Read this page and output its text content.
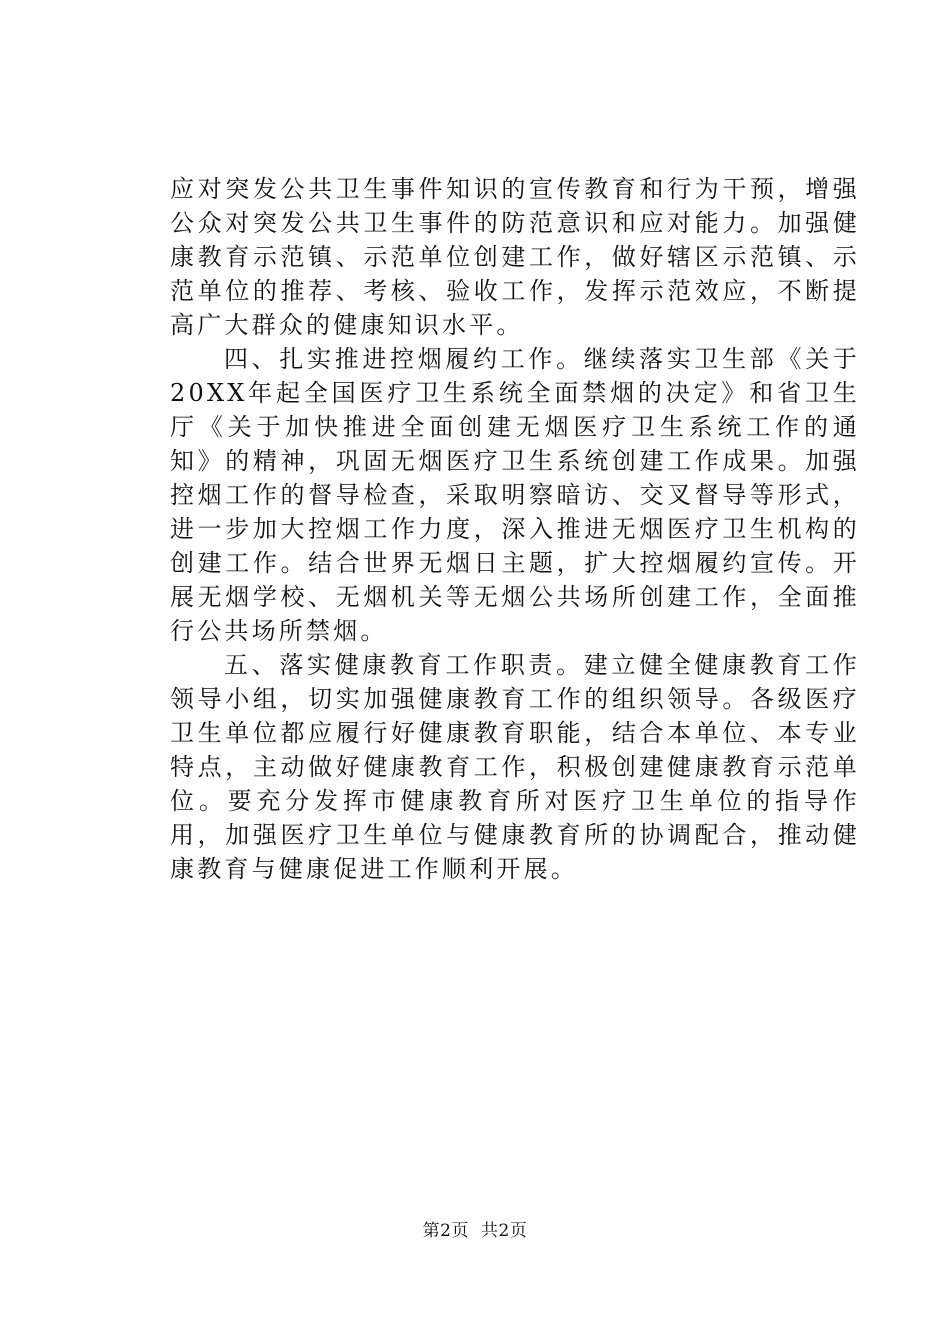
应对突发公共卫生事件知识的宣传教育和行为干预，增强公众对突发公共卫生事件的防范意识和应对能力。加强健康教育示范镇、示范单位创建工作，做好辖区示范镇、示范单位的推荐、考核、验收工作，发挥示范效应，不断提高广大群众的健康知识水平。

四、扎实推进控烟履约工作。继续落实卫生部《关于20XX年起全国医疗卫生系统全面禁烟的决定》和省卫生厅《关于加快推进全面创建无烟医疗卫生系统工作的通知》的精神，巩固无烟医疗卫生系统创建工作成果。加强控烟工作的督导检查，采取明察暗访、交叉督导等形式，进一步加大控烟工作力度，深入推进无烟医疗卫生机构的创建工作。结合世界无烟日主题，扩大控烟履约宣传。开展无烟学校、无烟机关等无烟公共场所创建工作，全面推行公共场所禁烟。

五、落实健康教育工作职责。建立健全健康教育工作领导小组，切实加强健康教育工作的组织领导。各级医疗卫生单位都应履行好健康教育职能，结合本单位、本专业特点，主动做好健康教育工作，积极创建健康教育示范单位。要充分发挥市健康教育所对医疗卫生单位的指导作用，加强医疗卫生单位与健康教育所的协调配合，推动健康教育与健康促进工作顺利开展。

第2页 共2页
